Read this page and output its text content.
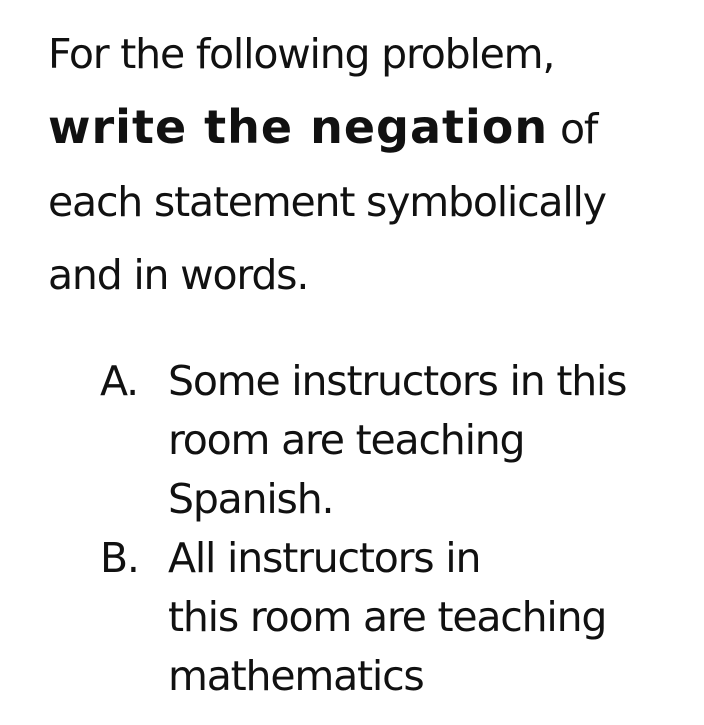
For the following problem,
write the negation of
each statement symbolically
and in words.
A. Some instructors in this
room are teaching
Spanish.
B. All instructors in
this room are teaching
mathematics
